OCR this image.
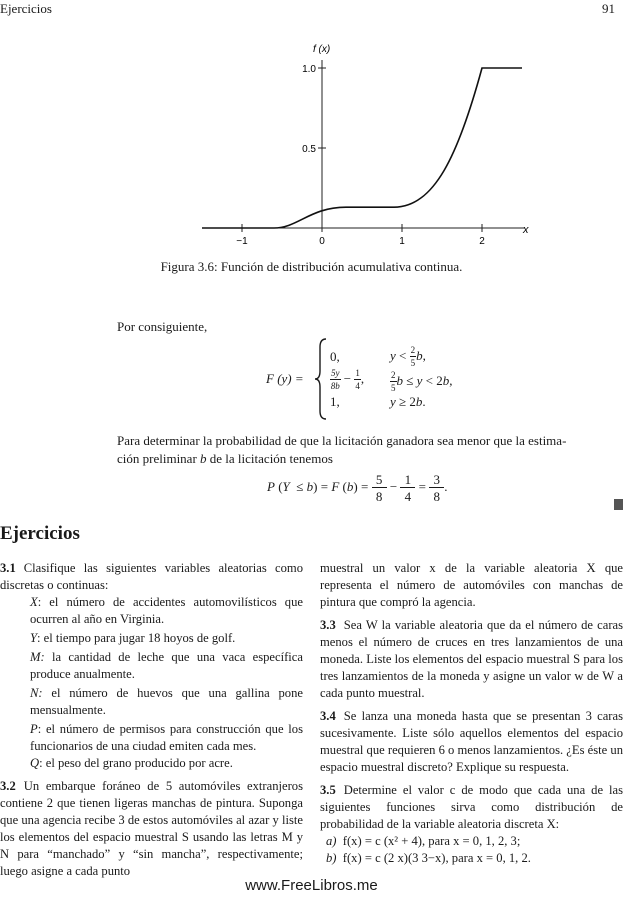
Ejercicios	91
f (x)
x
−1	0	1	2
1.0
0.5
Figura 3.6: Función de distribución acumulativa continua.
Por consiguiente,
F (y) =
0,	$y < \frac{2}{5} b$,
$\frac{5y}{8b} - \frac{1}{4}$ ,	$\frac{2}{5}$ b ≤ y < 2b,
1,	y ≥ 2b.
Para determinar la probabilidad de que la licitación ganadora sea menor que la estima-
ción preliminar b de la licitación tenemos
P (Y  ≤ b) = F $(b) = \frac{5}{8} - \frac{1}{4} = \frac{3}{8}$ .
Ejercicios

3.1 Clasifique las siguientes variables aleatorias como discretas o continuas:

X: el número de accidentes automovilísticos que ocurren al año en Virginia.

Y: el tiempo para jugar 18 hoyos de golf.

M: la cantidad de leche que una vaca específica produce anualmente.

N: el número de huevos que una gallina pone mensualmente.

P: el número de permisos para construcción que los funcionarios de una ciudad emiten cada mes.

Q: el peso del grano producido por acre.

3.2 Un embarque foráneo de 5 automóviles extranjeros contiene 2 que tienen ligeras manchas de pintura. Suponga que una agencia recibe 3 de estos automóviles al azar y liste los elementos del espacio muestral S usando las letras M y N para “manchado” y “sin mancha”, respectivamente; luego asigne a cada punto

muestral un valor x de la variable aleatoria X que representa el número de automóviles con manchas de pintura que compró la agencia.

3.3 Sea W la variable aleatoria que da el número de caras menos el número de cruces en tres lanzamientos de una moneda. Liste los elementos del espacio muestral S para los tres lanzamientos de la moneda y asigne un valor w de W a cada punto muestral.

3.4 Se lanza una moneda hasta que se presentan 3 caras sucesivamente. Liste sólo aquellos elementos del espacio muestral que requieren 6 o menos lanzamientos. ¿Es éste un espacio muestral discreto? Explique su respuesta.

3.5 Determine el valor c de modo que cada una de las siguientes funciones sirva como distribución de probabilidad de la variable aleatoria discreta X:

a) f(x) = c (x² + 4), para x = 0, 1, 2, 3;

b) f(x) = c (2 x)(3 3−x), para x = 0, 1, 2.

www.FreeLibros.me
